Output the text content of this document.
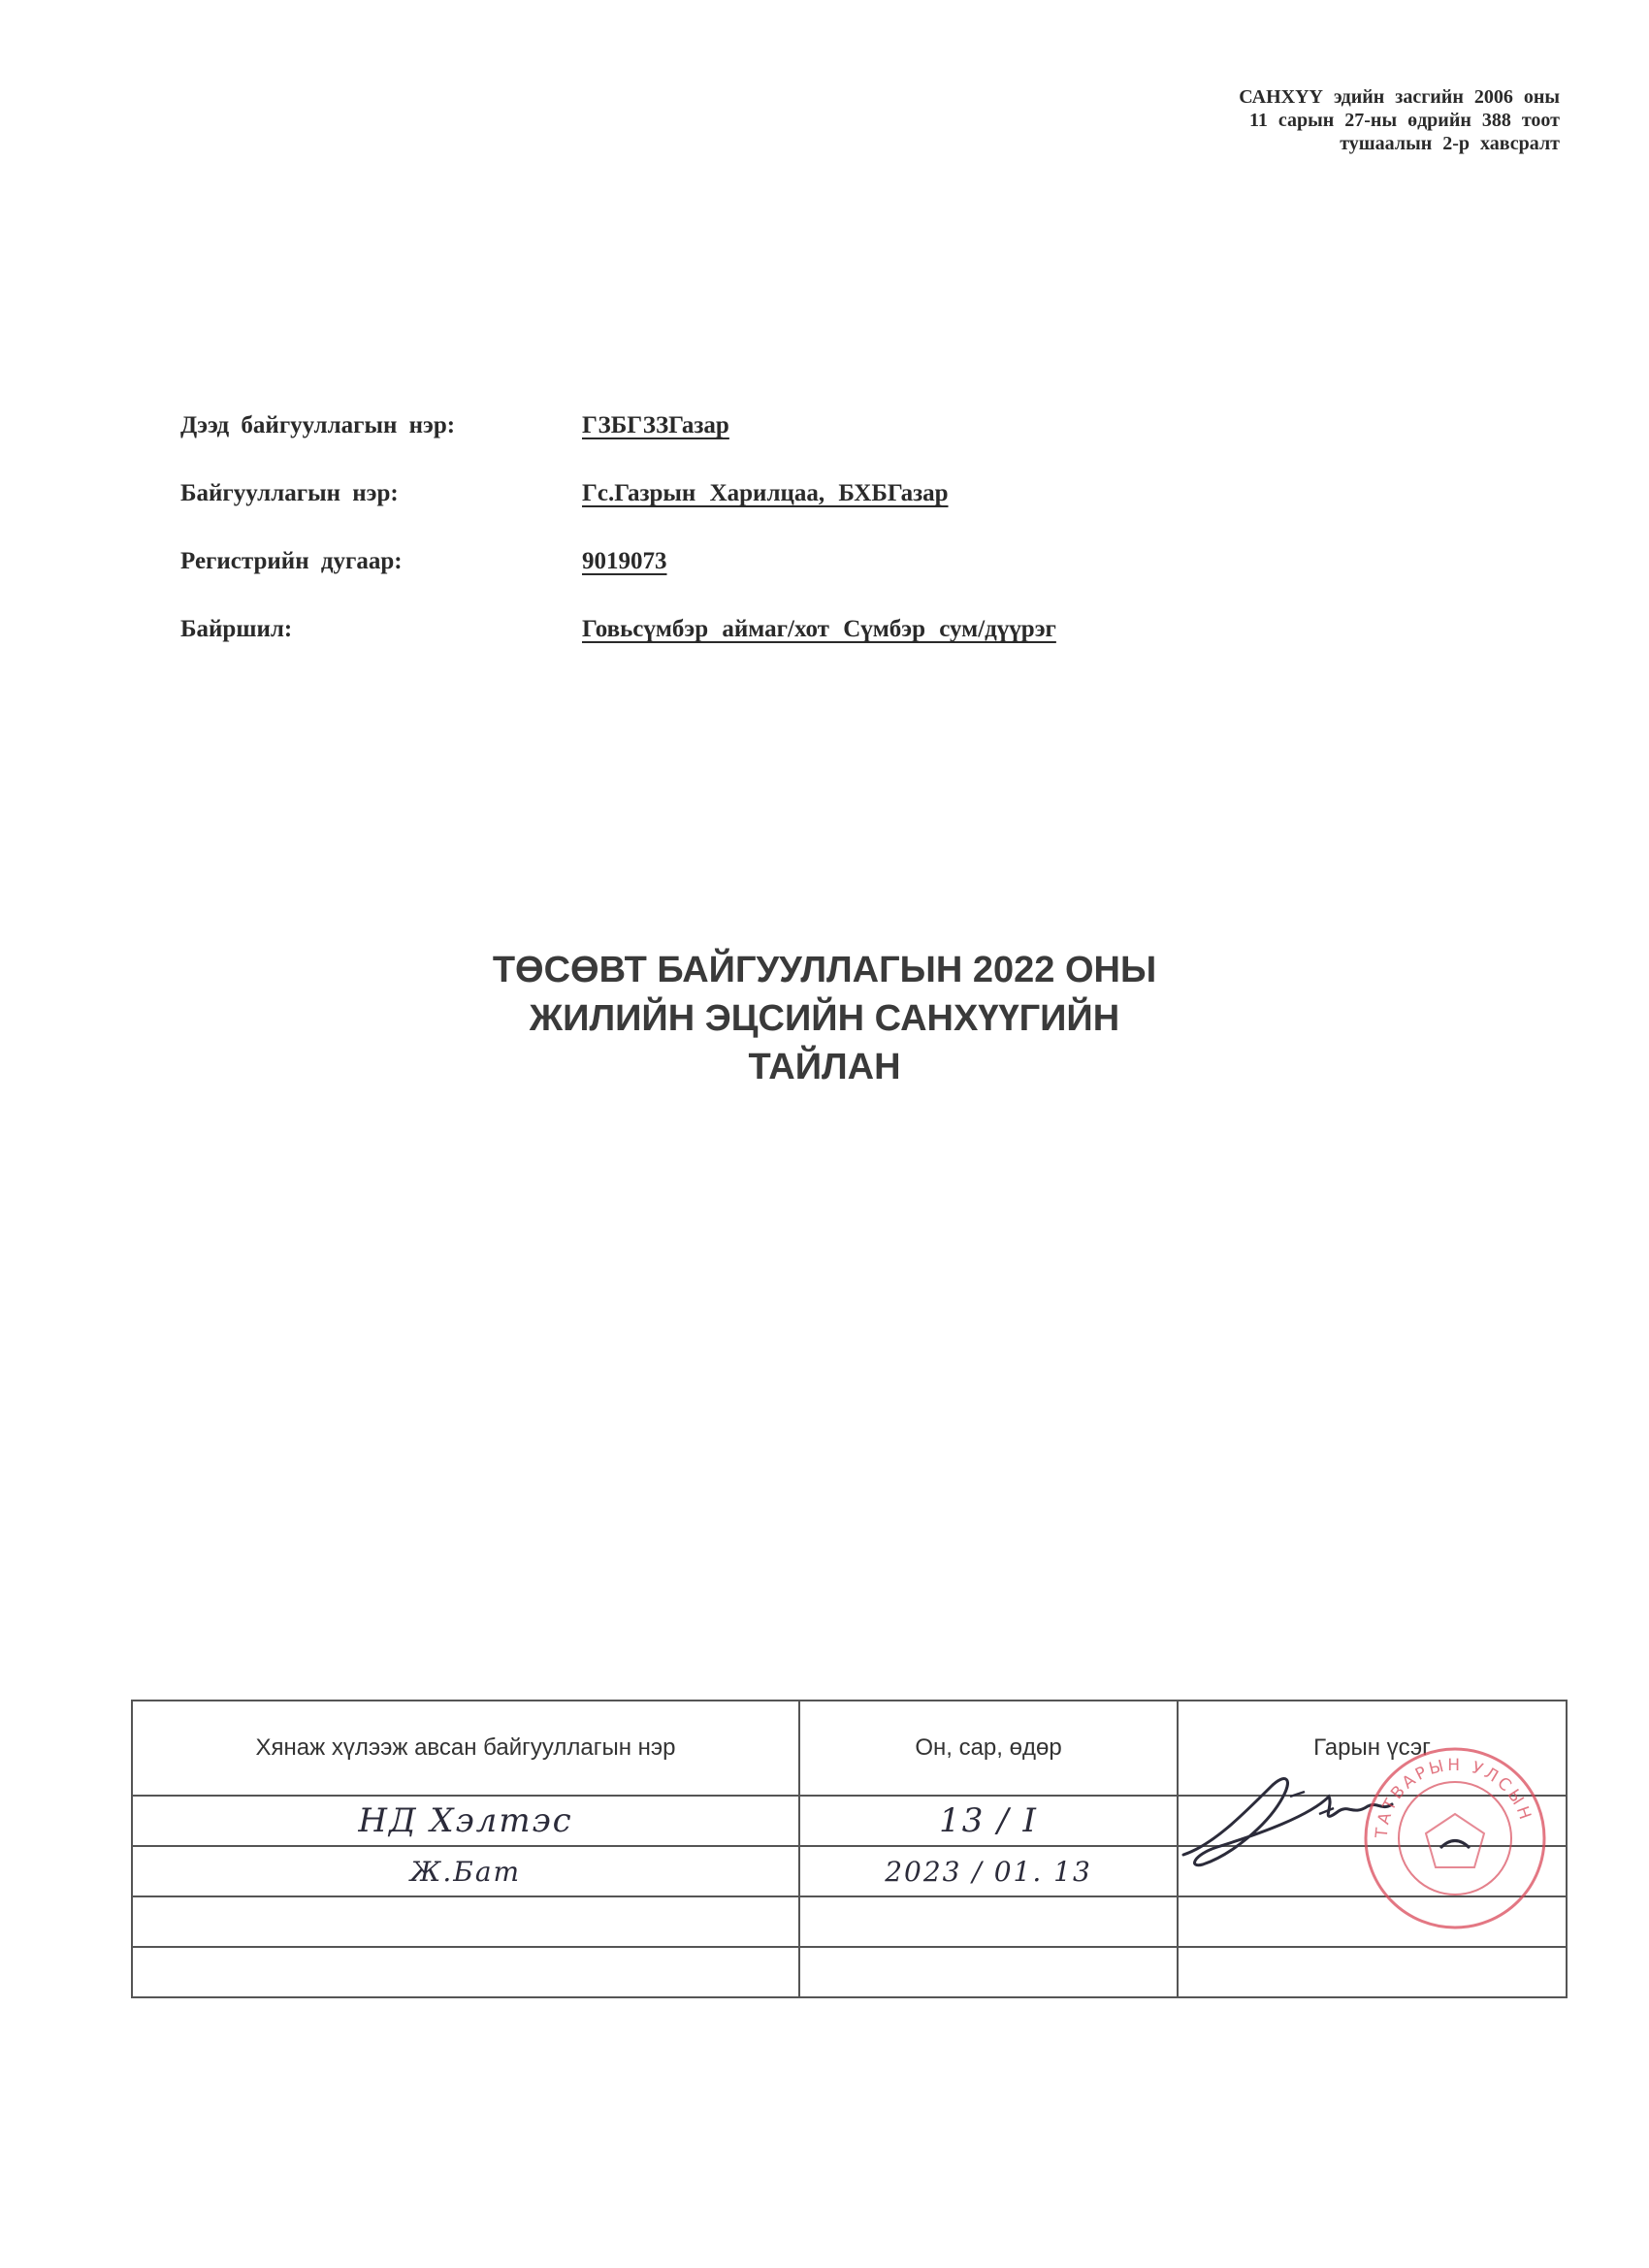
САНХҮҮ эдийн засгийн 2006 оны
11 сарын 27-ны өдрийн 388 тоот
тушаалын 2-р хавсралт
Дээд байгууллагын нэр:	ГЗБГЗЗГазар
Байгууллагын нэр:	Гс.Газрын Харилцаа, БХБГазар
Регистрийн дугаар:	9019073
Байршил:	Говьсүмбэр аймаг/хот Сүмбэр сум/дүүрэг
ТӨСӨВТ БАЙГУУЛЛАГЫН 2022 ОНЫ
ЖИЛИЙН ЭЦСИЙН САНХҮҮГИЙН
ТАЙЛАН
Хянаж хүлээж авсан байгууллагын нэр	Он, сар, өдөр	Гарын үсэг
НД Хэлтэс	13 / I	
Ж.Бат	2023 / 01. 13	

ТАТВАРЫН УЛСЫН
